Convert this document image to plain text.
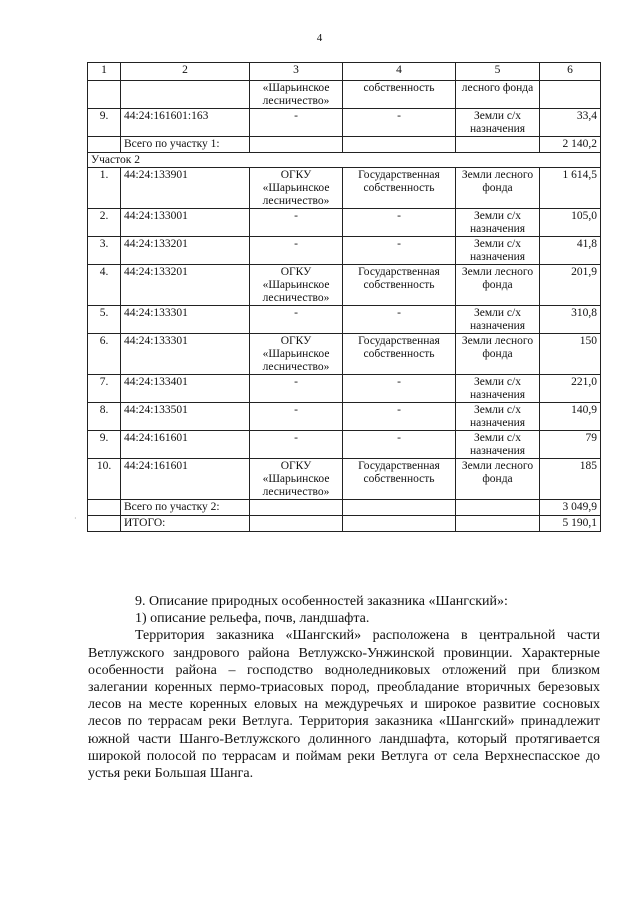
4
1	2	3	4	5	6
		«Шарьинское лесничество»	собственность	лесного фонда	
9.	44:24:161601:163	-	-	Земли с/х назначения	33,4
	Всего по участку 1:				2 140,2
Участок 2					
1.	44:24:133901	ОГКУ «Шарьинское лесничество»	Государственная собственность	Земли лесного фонда	1 614,5
2.	44:24:133001	-	-	Земли с/х назначения	105,0
3.	44:24:133201	-	-	Земли с/х назначения	41,8
4.	44:24:133201	ОГКУ «Шарьинское лесничество»	Государственная собственность	Земли лесного фонда	201,9
5.	44:24:133301	-	-	Земли с/х назначения	310,8
6.	44:24:133301	ОГКУ «Шарьинское лесничество»	Государственная собственность	Земли лесного фонда	150
7.	44:24:133401	-	-	Земли с/х назначения	221,0
8.	44:24:133501	-	-	Земли с/х назначения	140,9
9.	44:24:161601	-	-	Земли с/х назначения	79
10.	44:24:161601	ОГКУ «Шарьинское лесничество»	Государственная собственность	Земли лесного фонда	185
	Всего по участку 2:				3 049,9
	ИТОГО:				5 190,1
·

9. Описание природных особенностей заказника «Шангский»:

1) описание рельефа, почв, ландшафта.

Территория заказника «Шангский» расположена в центральной части Ветлужского зандрового района Ветлужско-Унжинской провинции. Характерные особенности района – господство водноледниковых отложений при близком залегании коренных пермо-триасовых пород, преобладание вторичных березовых лесов на месте коренных еловых на междуречьях и широкое развитие сосновых лесов по террасам реки Ветлуга. Территория заказника «Шангский» принадлежит южной части Шанго-Ветлужского долинного ландшафта, который протягивается широкой полосой по террасам и поймам реки Ветлуга от села Верхнеспасское до устья реки Большая Шанга.
